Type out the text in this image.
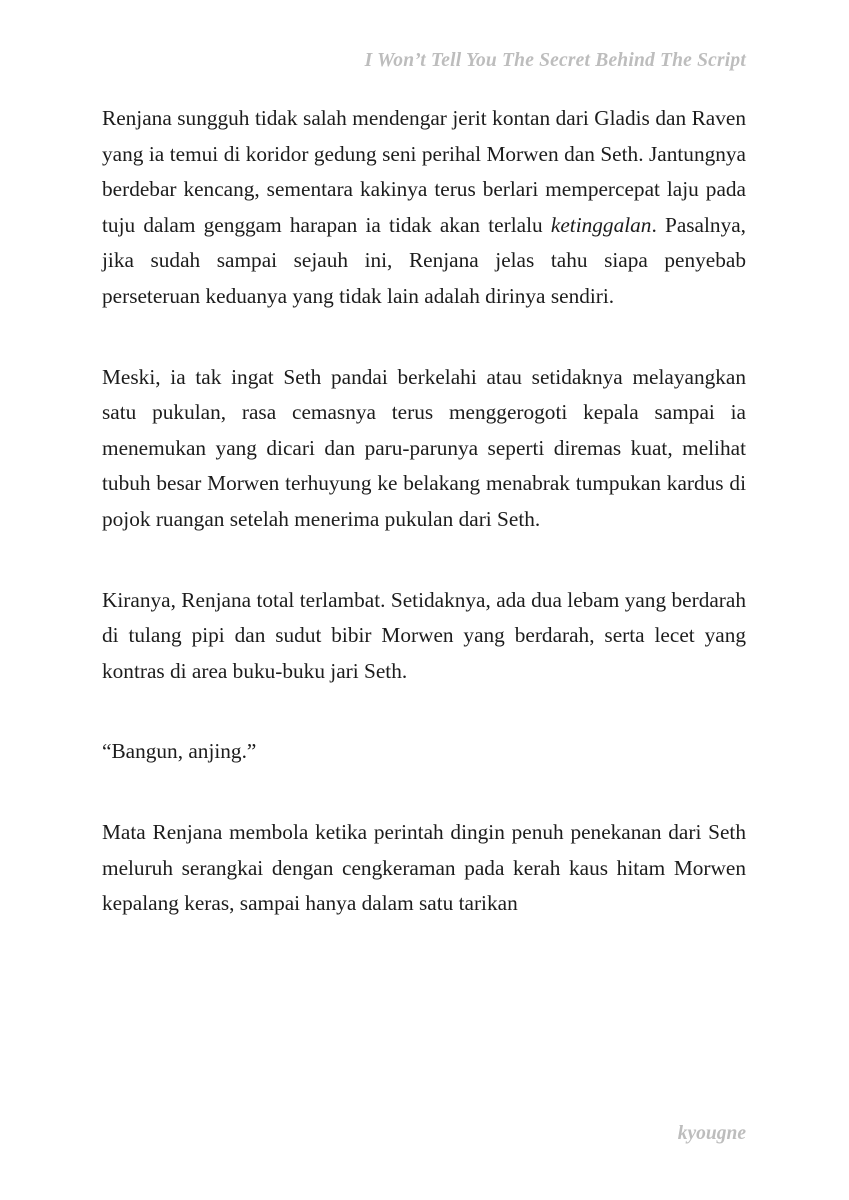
I Won’t Tell You The Secret Behind The Script

Renjana sungguh tidak salah mendengar jerit kontan dari Gladis dan Raven yang ia temui di koridor gedung seni perihal Morwen dan Seth. Jantungnya berdebar kencang, sementara kakinya terus berlari mempercepat laju pada tuju dalam genggam harapan ia tidak akan terlalu ketinggalan. Pasalnya, jika sudah sampai sejauh ini, Renjana jelas tahu siapa penyebab perseteruan keduanya yang tidak lain adalah dirinya sendiri.

Meski, ia tak ingat Seth pandai berkelahi atau setidaknya melayangkan satu pukulan, rasa cemasnya terus menggerogoti kepala sampai ia menemukan yang dicari dan paru-parunya seperti diremas kuat, melihat tubuh besar Morwen terhuyung ke belakang menabrak tumpukan kardus di pojok ruangan setelah menerima pukulan dari Seth.

Kiranya, Renjana total terlambat. Setidaknya, ada dua lebam yang berdarah di tulang pipi dan sudut bibir Morwen yang berdarah, serta lecet yang kontras di area buku-buku jari Seth.

“Bangun, anjing.”

Mata Renjana membola ketika perintah dingin penuh penekanan dari Seth meluruh serangkai dengan cengkeraman pada kerah kaus hitam Morwen kepalang keras, sampai hanya dalam satu tarikan

kyougne
